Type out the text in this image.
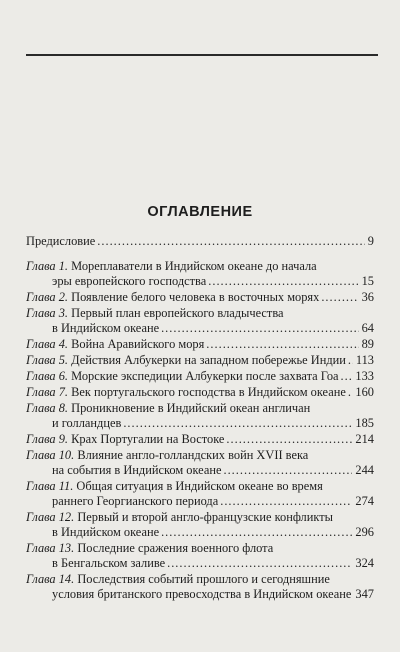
ОГЛАВЛЕНИЕ
Предисловие .....	9
Глава 1. Мореплаватели в Индийском океане до начала
эры европейского господства .....	15
Глава 2. Появление белого человека в восточных морях .....	36
Глава 3. Первый план европейского владычества
в Индийском океане .....	64
Глава 4. Война Аравийского моря .....	89
Глава 5. Действия Албукерки на западном побережье Индии ..... 113
Глава 6. Морские экспедиции Албукерки после захвата Гоа .....	133
Глава 7. Век португальского господства в Индийском океане ..... 160
Глава 8. Проникновение в Индийский океан англичан
и голландцев .....	185
Глава 9. Крах Португалии на Востоке .....	214
Глава 10. Влияние англо-голландских войн XVII века
на события в Индийском океане .....	244
Глава 11. Общая ситуация в Индийском океане во время
раннего Георгианского периода .....	274
Глава 12. Первый и второй англо-французские конфликты
в Индийском океане .....	296
Глава 13. Последние сражения военного флота
в Бенгальском заливе .....	324
Глава 14. Последствия событий прошлого и сегодняшние
условия британского превосходства в Индийском океане ..... 347
